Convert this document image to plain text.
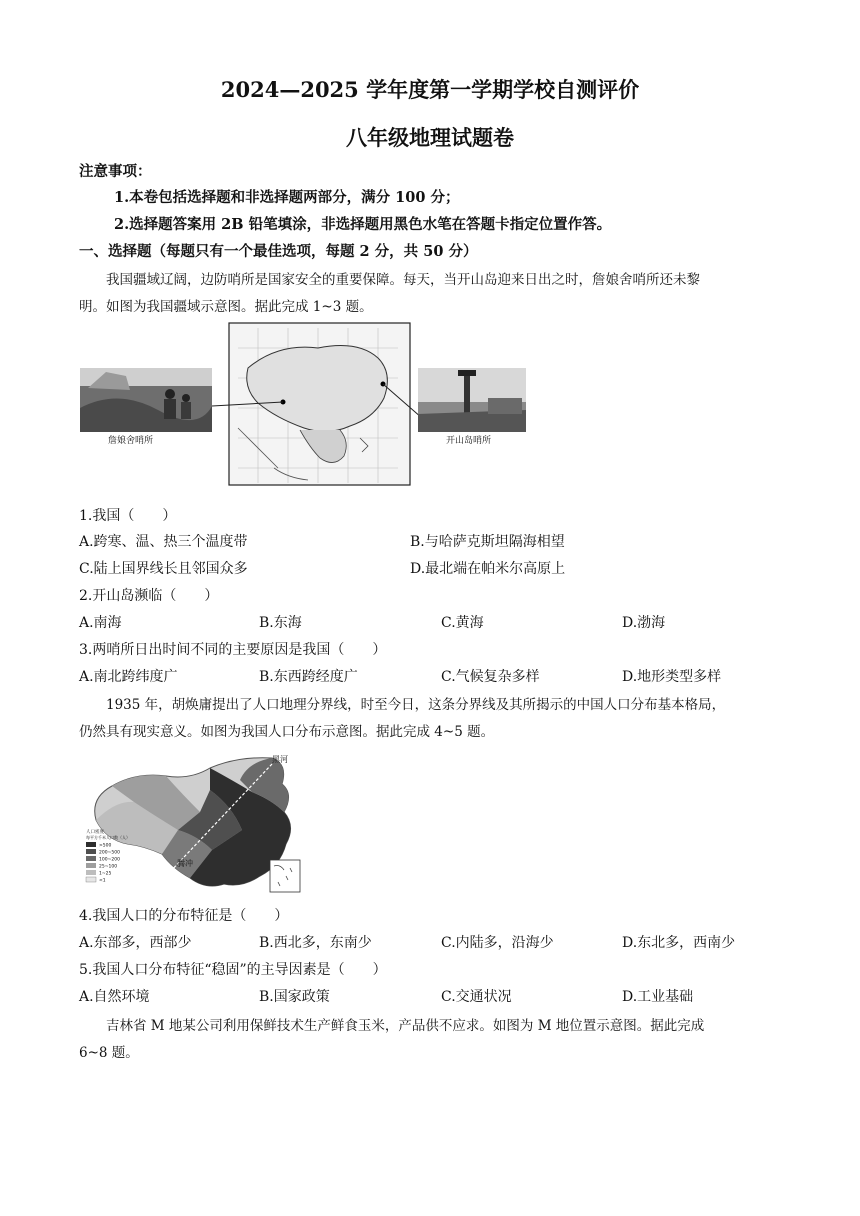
2024—2025 学年度第一学期学校自测评价
八年级地理试题卷
注意事项：
1.本卷包括选择题和非选择题两部分，满分 100 分；
2.选择题答案用 2B 铅笔填涂，非选择题用黑色水笔在答题卡指定位置作答。
一、选择题（每题只有一个最佳选项，每题 2 分，共 50 分）
我国疆域辽阔，边防哨所是国家安全的重要保障。每天，当开山岛迎来日出之时，詹娘舍哨所还未黎
明。如图为我国疆域示意图。据此完成 1~3 题。
詹娘舍哨所	开山岛哨所
1.我国（　　）
A.跨寒、温、热三个温度带	B.与哈萨克斯坦隔海相望
C.陆上国界线长且邻国众多	D.最北端在帕米尔高原上
2.开山岛濒临（　　）
A.南海	B.东海	C.黄海	D.渤海
3.两哨所日出时间不同的主要原因是我国（　　）
A.南北跨纬度广	B.东西跨经度广	C.气候复杂多样	D.地形类型多样
1935 年，胡焕庸提出了人口地理分界线，时至今日，这条分界线及其所揭示的中国人口分布基本格局，
仍然具有现实意义。如图为我国人口分布示意图。据此完成 4~5 题。
黑河
腾冲
人口密度
每平方千米人口数（人）
>500
200~500
100~200
25~100
1~25
<1
4.我国人口的分布特征是（　　）
A.东部多，西部少	B.西北多，东南少	C.内陆多，沿海少	D.东北多，西南少
5.我国人口分布特征“稳固”的主导因素是（　　）
A.自然环境	B.国家政策	C.交通状况	D.工业基础
吉林省 M 地某公司利用保鲜技术生产鲜食玉米，产品供不应求。如图为 M 地位置示意图。据此完成
6~8 题。
